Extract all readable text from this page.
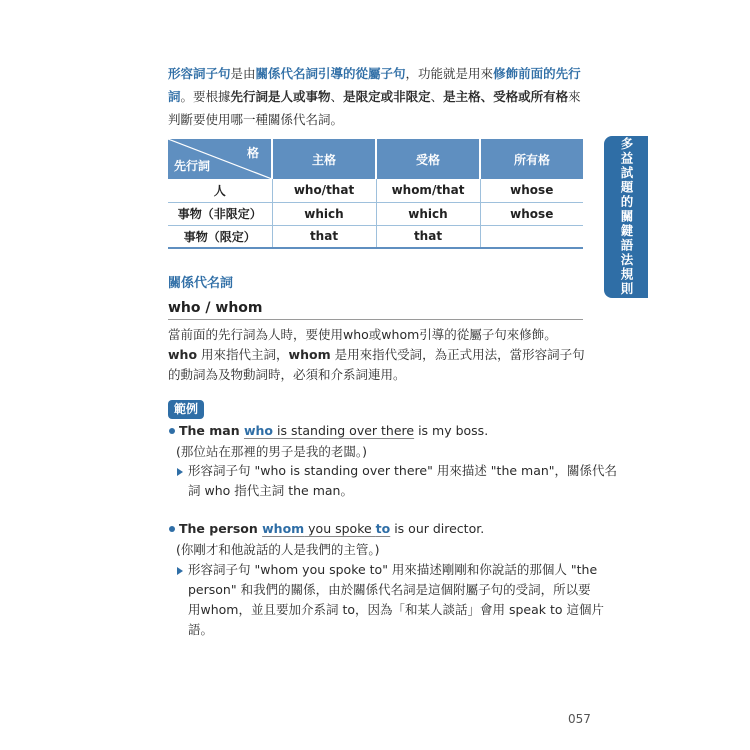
形容詞子句是由關係代名詞引導的從屬子句，功能就是用來修飾前面的先行詞。要根據先行詞是人或事物、是限定或非限定、是主格、受格或所有格來判斷要使用哪一種關係代名詞。
格
先行詞	主格	受格	所有格
人	who/that	whom/that	whose
事物（非限定）	which	which	whose
事物（限定）	that	that	
關係代名詞
who / whom
當前面的先行詞為人時，要使用who或whom引導的從屬子句來修飾。
who 用來指代主詞，whom 是用來指代受詞，為正式用法，當形容詞子句的動詞為及物動詞時，必須和介系詞連用。
範例
The man who is standing over there is my boss.
(那位站在那裡的男子是我的老闆。)
形容詞子句 "who is standing over there" 用來描述 "the man"，關係代名
詞 who 指代主詞 the man。
The person whom you spoke to is our director.
(你剛才和他說話的人是我們的主管。)
形容詞子句 "whom you spoke to" 用來描述剛剛和你說話的那個人 "the
person" 和我們的關係，由於關係代名詞是這個附屬子句的受詞，所以要
用whom，並且要加介系詞 to，因為「和某人談話」會用 speak to 這個片
語。
多益試題的關鍵語法規則
057
